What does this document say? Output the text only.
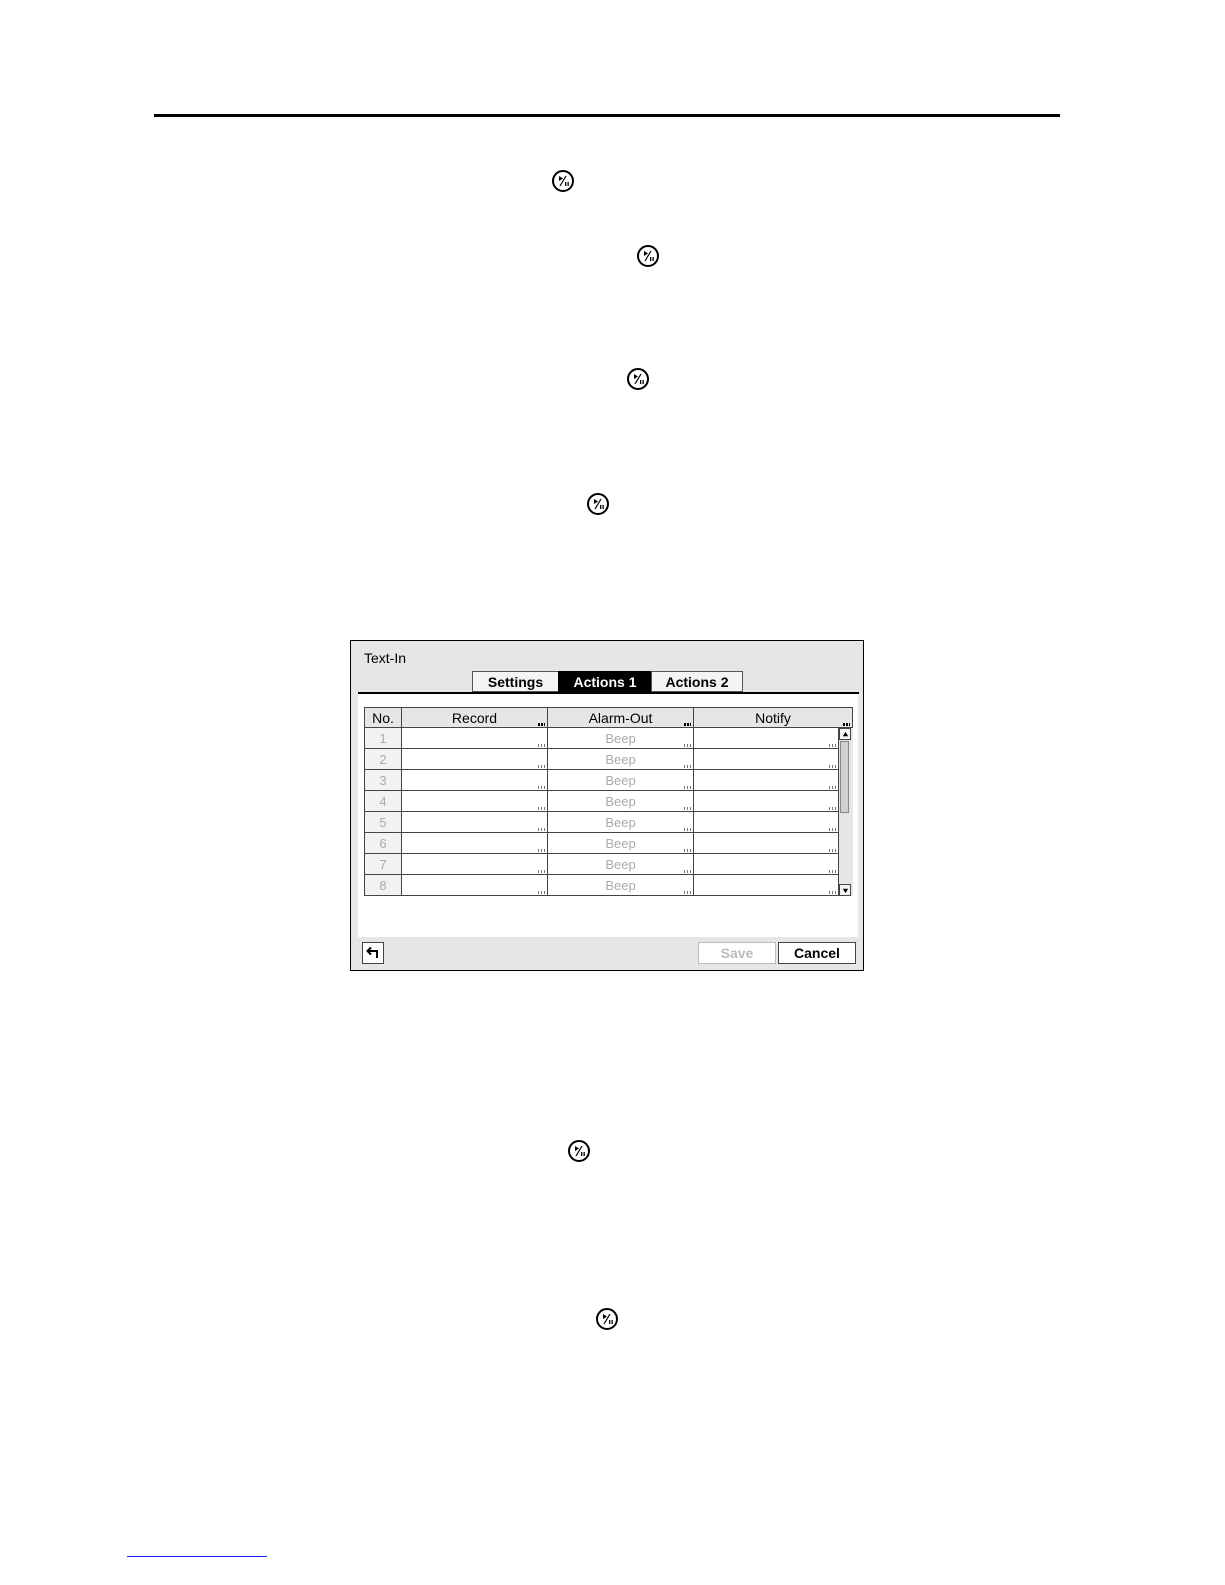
Text-In
Settings	Actions 1	Actions 2
No.	Record	Alarm-Out	Notify	

1		Beep

2		Beep	

3		Beep	

4		Beep	

5		Beep	

6		Beep	

7		Beep	

8		Beep	

Save	Cancel
